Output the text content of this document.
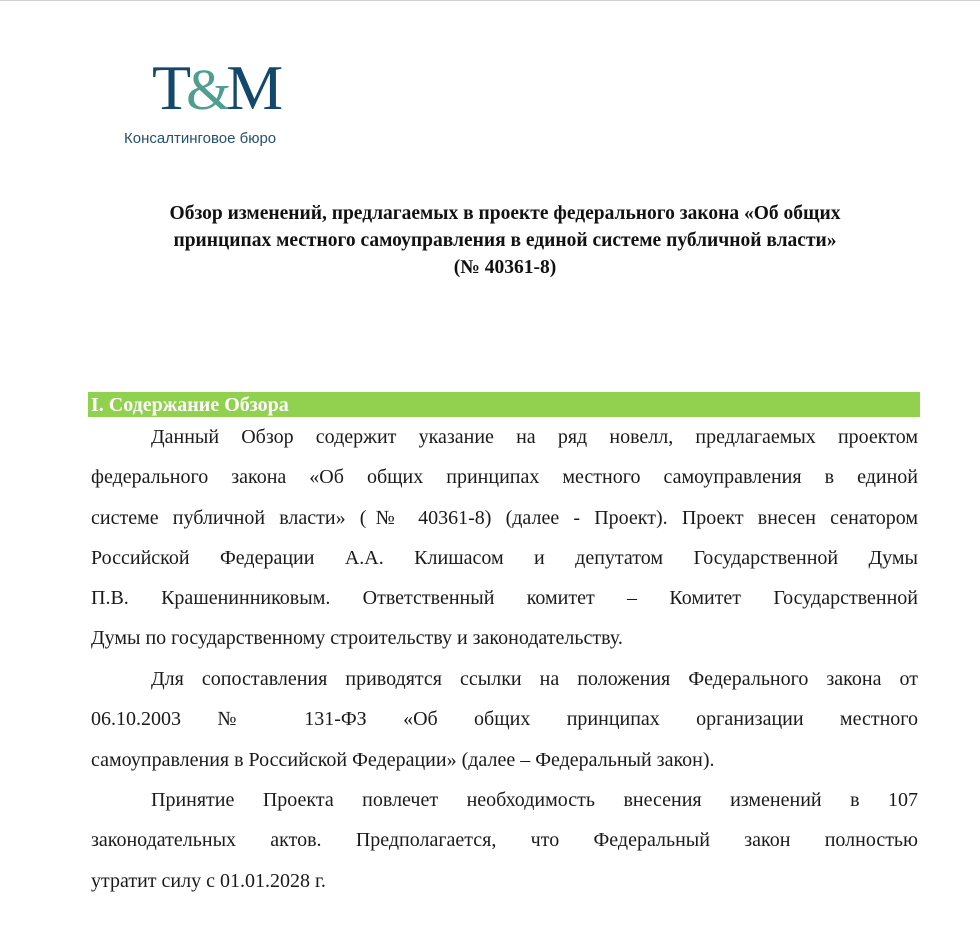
T&M
Консалтинговое бюро
Обзор изменений, предлагаемых в проекте федерального закона «Об общих
принципах местного самоуправления в единой системе публичной власти»
(№ 40361-8)
I. Содержание Обзора
Данный Обзор содержит указание на ряд новелл, предлагаемых проектом
федерального закона «Об общих принципах местного самоуправления в единой
системе публичной власти» (№ 40361-8) (далее - Проект). Проект внесен сенатором
Российской Федерации А.А. Клишасом и депутатом Государственной Думы
П.В. Крашенинниковым. Ответственный комитет – Комитет Государственной
Думы по государственному строительству и законодательству.
Для сопоставления приводятся ссылки на положения Федерального закона от
06.10.2003 № 131-ФЗ «Об общих принципах организации местного
самоуправления в Российской Федерации» (далее – Федеральный закон).
Принятие Проекта повлечет необходимость внесения изменений в 107
законодательных актов. Предполагается, что Федеральный закон полностью
утратит силу с 01.01.2028 г.
